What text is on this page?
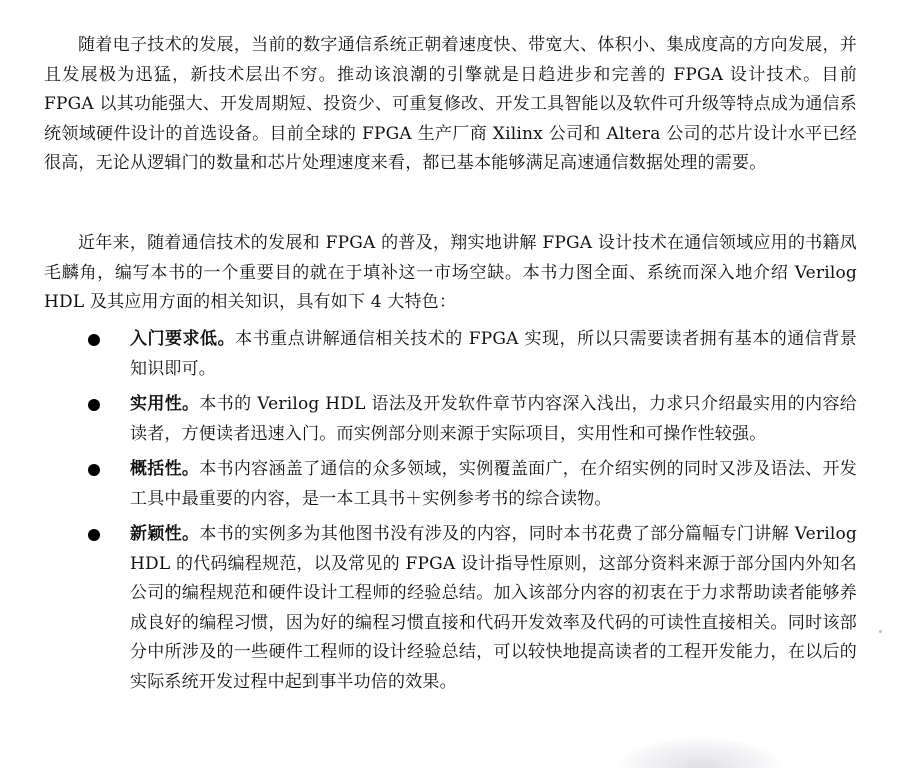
随着电子技术的发展，当前的数字通信系统正朝着速度快、带宽大、体积小、集成度高的方向发展，并且发展极为迅猛，新技术层出不穷。推动该浪潮的引擎就是日趋进步和完善的 FPGA 设计技术。目前 FPGA 以其功能强大、开发周期短、投资少、可重复修改、开发工具智能以及软件可升级等特点成为通信系统领域硬件设计的首选设备。目前全球的 FPGA 生产厂商 Xilinx 公司和 Altera 公司的芯片设计水平已经很高，无论从逻辑门的数量和芯片处理速度来看，都已基本能够满足高速通信数据处理的需要。

近年来，随着通信技术的发展和 FPGA 的普及，翔实地讲解 FPGA 设计技术在通信领域应用的书籍凤毛麟角，编写本书的一个重要目的就在于填补这一市场空缺。本书力图全面、系统而深入地介绍 Verilog HDL 及其应用方面的相关知识，具有如下 4 大特色：

入门要求低。本书重点讲解通信相关技术的 FPGA 实现，所以只需要读者拥有基本的通信背景知识即可。
实用性。本书的 Verilog HDL 语法及开发软件章节内容深入浅出，力求只介绍最实用的内容给读者，方便读者迅速入门。而实例部分则来源于实际项目，实用性和可操作性较强。
概括性。本书内容涵盖了通信的众多领域，实例覆盖面广，在介绍实例的同时又涉及语法、开发工具中最重要的内容，是一本工具书＋实例参考书的综合读物。
新颖性。本书的实例多为其他图书没有涉及的内容，同时本书花费了部分篇幅专门讲解 Verilog HDL 的代码编程规范，以及常见的 FPGA 设计指导性原则，这部分资料来源于部分国内外知名公司的编程规范和硬件设计工程师的经验总结。加入该部分内容的初衷在于力求帮助读者能够养成良好的编程习惯，因为好的编程习惯直接和代码开发效率及代码的可读性直接相关。同时该部分中所涉及的一些硬件工程师的设计经验总结，可以较快地提高读者的工程开发能力，在以后的实际系统开发过程中起到事半功倍的效果。
